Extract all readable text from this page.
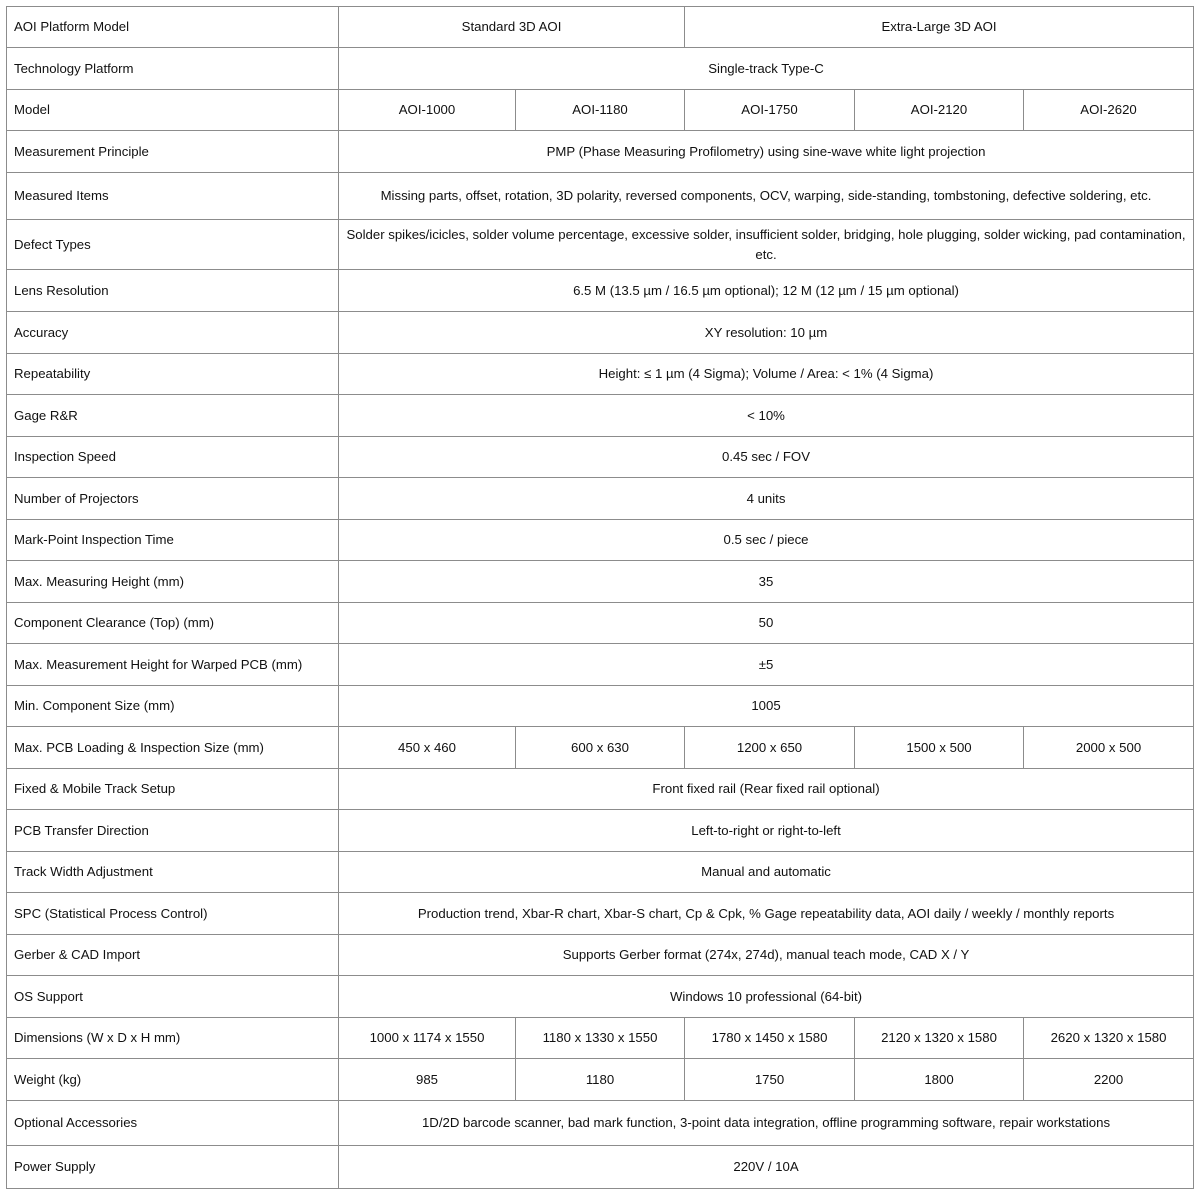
AOI Platform Model	Standard 3D AOI		Extra-Large 3D AOI		
Technology Platform	Single-track Type-C				
Model	AOI-1000	AOI-1180	AOI-1750	AOI-2120	AOI-2620
Measurement Principle	PMP (Phase Measuring Profilometry) using sine-wave white light projection				
Measured Items	Missing parts, offset, rotation, 3D polarity, reversed components, OCV, warping, side-standing, tombstoning, defective soldering, etc.				
Defect Types	Solder spikes/icicles, solder volume percentage, excessive solder, insufficient solder, bridging, hole plugging, solder wicking, pad contamination, etc.				
Lens Resolution	6.5 M (13.5 µm / 16.5 µm optional); 12 M (12 µm / 15 µm optional)				
Accuracy	XY resolution: 10 µm				
Repeatability	Height: ≤ 1 µm (4 Sigma); Volume / Area: < 1% (4 Sigma)				
Gage R&R	< 10%				
Inspection Speed	0.45 sec / FOV				
Number of Projectors	4 units				
Mark-Point Inspection Time	0.5 sec / piece				
Max. Measuring Height (mm)	35				
Component Clearance (Top) (mm)	50				
Max. Measurement Height for Warped PCB (mm)	±5				
Min. Component Size (mm)	1005				
Max. PCB Loading & Inspection Size (mm)	450 x 460	600 x 630	1200 x 650	1500 x 500	2000 x 500
Fixed & Mobile Track Setup	Front fixed rail (Rear fixed rail optional)				
PCB Transfer Direction	Left-to-right or right-to-left				
Track Width Adjustment	Manual and automatic				
SPC (Statistical Process Control)	Production trend, Xbar-R chart, Xbar-S chart, Cp & Cpk, % Gage repeatability data, AOI daily / weekly / monthly reports				
Gerber & CAD Import	Supports Gerber format (274x, 274d), manual teach mode, CAD X / Y				
OS Support	Windows 10 professional (64-bit)				
Dimensions (W x D x H mm)	1000 x 1174 x 1550	1180 x 1330 x 1550	1780 x 1450 x 1580	2120 x 1320 x 1580	2620 x 1320 x 1580
Weight (kg)	985	1180	1750	1800	2200
Optional Accessories	1D/2D barcode scanner, bad mark function, 3-point data integration, offline programming software, repair workstations				
Power Supply	220V / 10A				
